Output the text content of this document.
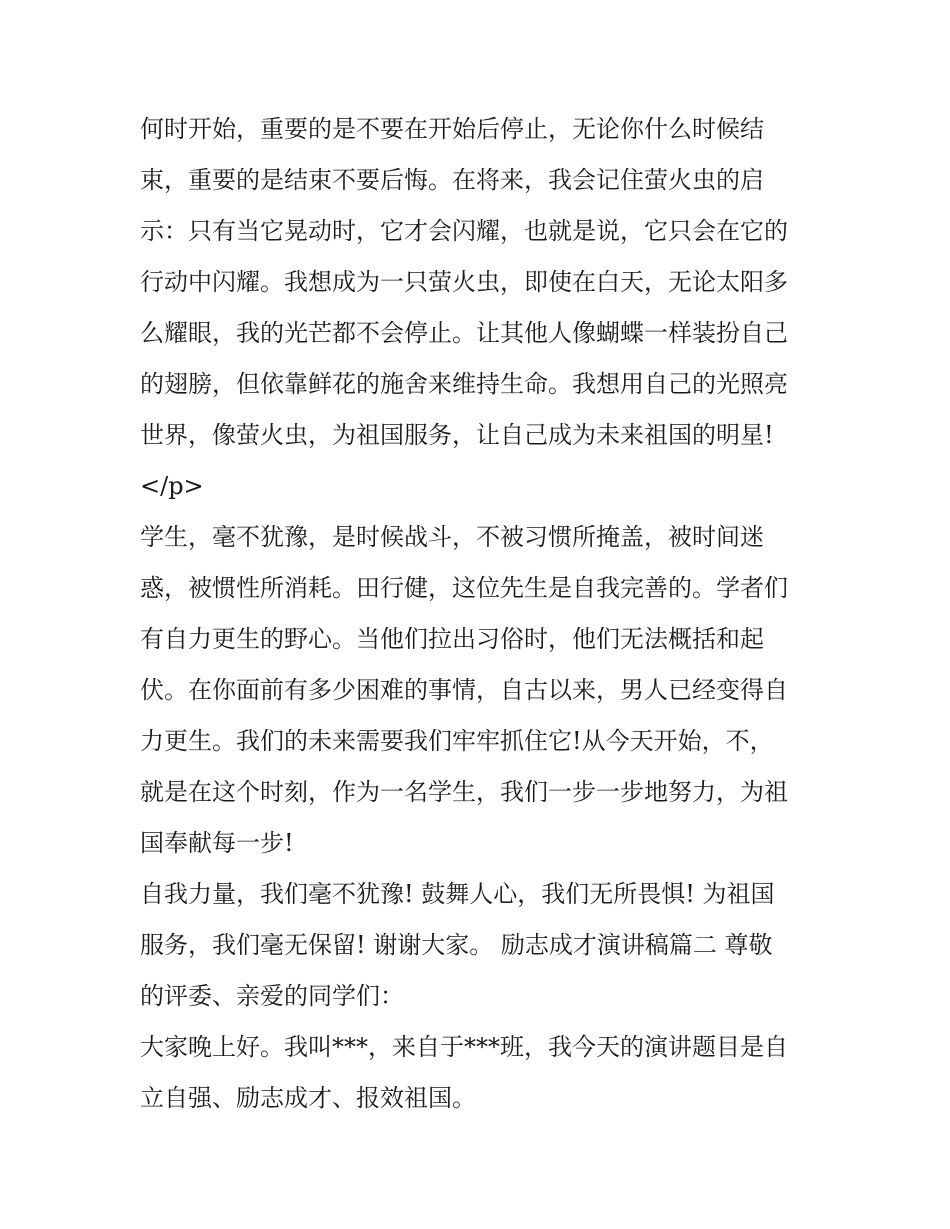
何时开始，重要的是不要在开始后停止，无论你什么时候结
束，重要的是结束不要后悔。在将来，我会记住萤火虫的启
示：只有当它晃动时，它才会闪耀，也就是说，它只会在它的
行动中闪耀。我想成为一只萤火虫，即使在白天，无论太阳多
么耀眼，我的光芒都不会停止。让其他人像蝴蝶一样装扮自己
的翅膀，但依靠鲜花的施舍来维持生命。我想用自己的光照亮
世界，像萤火虫，为祖国服务，让自己成为未来祖国的明星!
</p>
学生，毫不犹豫，是时候战斗，不被习惯所掩盖，被时间迷
惑，被惯性所消耗。田行健，这位先生是自我完善的。学者们
有自力更生的野心。当他们拉出习俗时，他们无法概括和起
伏。在你面前有多少困难的事情，自古以来，男人已经变得自
力更生。我们的未来需要我们牢牢抓住它!从今天开始，不，
就是在这个时刻，作为一名学生，我们一步一步地努力，为祖
国奉献每一步!
自我力量，我们毫不犹豫! 鼓舞人心，我们无所畏惧! 为祖国
服务，我们毫无保留! 谢谢大家。 励志成才演讲稿篇二 尊敬
的评委、亲爱的同学们：
大家晚上好。我叫***，来自于***班，我今天的演讲题目是自
立自强、励志成才、报效祖国。
